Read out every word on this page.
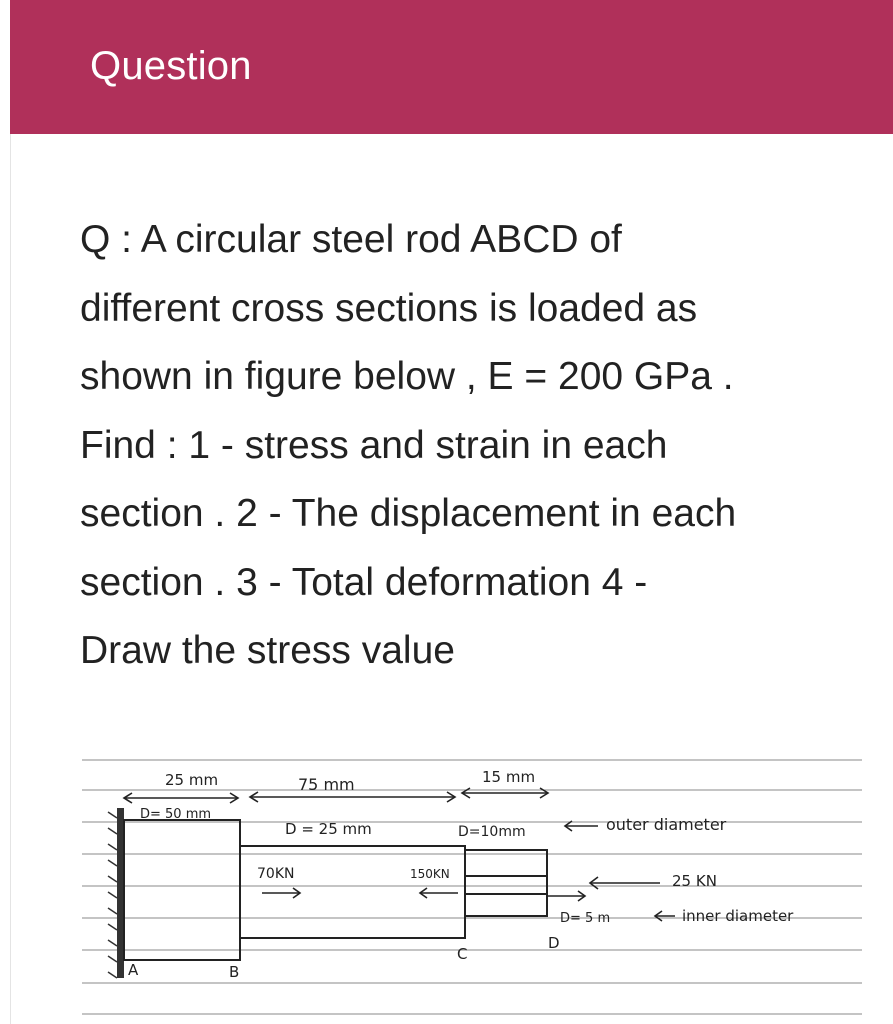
Question

Q : A circular steel rod ABCD of

different cross sections is loaded as

shown in figure below , E = 200 GPa .

Find : 1 - stress and strain in each

section . 2 - The displacement in each

section . 3 - Total deformation 4 -

Draw the stress value

25 mm	75 mm	15 mm
D= 50 mm
D = 25 mm	D=10mm	outer diameter
70KN	150KN	25 KN
D= 5 m	inner diameter
A	B
C
D
